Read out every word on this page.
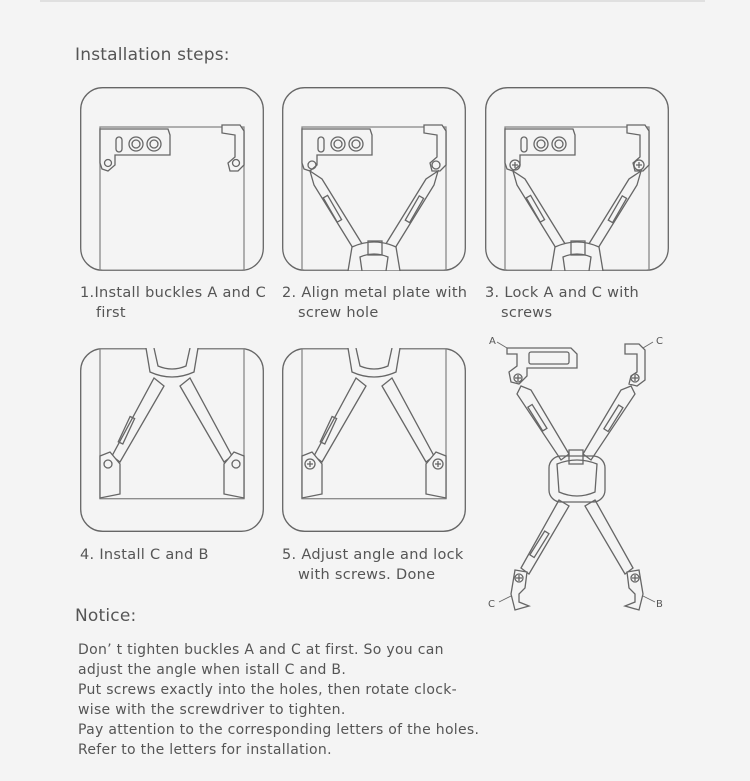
Installation steps:
1.Install buckles A and C
first
2. Align metal plate with
screw hole
3. Lock A and C with
screws
4. Install C and B	5. Adjust angle and lock
with screws. Done
A	C
C	B
Notice:

Don’ t tighten buckles A and C at first. So you can

adjust the angle when istall C and B.

Put screws exactly into the holes, then rotate clock-

wise with the screwdriver to tighten.

Pay attention to the corresponding letters of the holes.

Refer to the letters for installation.
